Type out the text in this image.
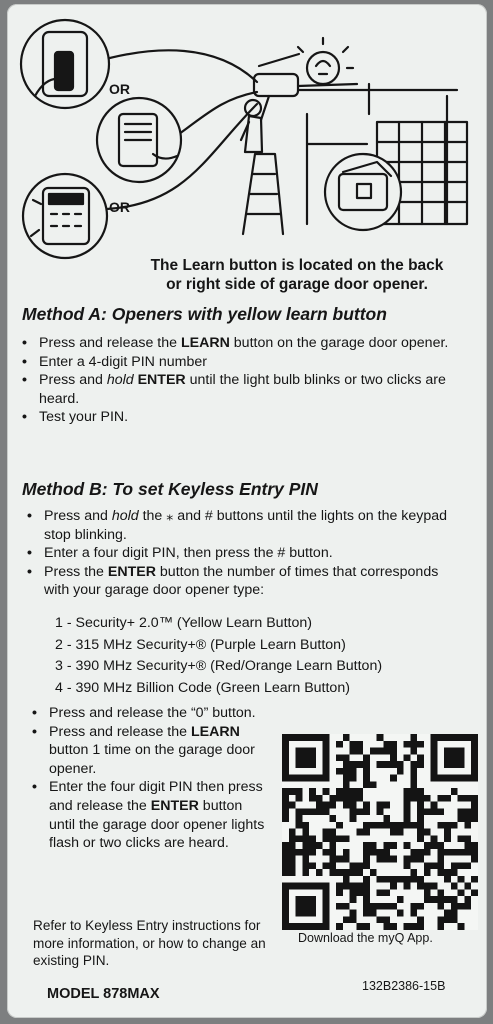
OR
OR
The Learn button is located on the back
or right side of garage door opener.
Method A: Openers with yellow learn button
• Press and release the LEARN button on the garage door opener.
• Enter a 4-digit PIN number
• Press and hold ENTER until the light bulb blinks or two clicks are heard.
• Test your PIN.
Method B: To set Keyless Entry PIN
• Press and hold the ⁎ and # buttons until the lights on the keypad stop blinking.
• Enter a four digit PIN, then press the # button.
• Press the ENTER button the number of times that corresponds with your garage door opener type:
1 - Security+ 2.0™ (Yellow Learn Button)
2 - 315 MHz Security+® (Purple Learn Button)
3 - 390 MHz Security+® (Red/Orange Learn Button)
4 - 390 MHz Billion Code (Green Learn Button)
• Press and release the “0” button.
• Press and release the LEARN button 1 time on the garage door opener.
• Enter the four digit PIN then press and release the ENTER button until the garage door opener lights flash or two clicks are heard.
Download the myQ App.
Refer to Keyless Entry instructions for more information, or how to change an existing PIN.
MODEL 878MAX	132B2386-15B
